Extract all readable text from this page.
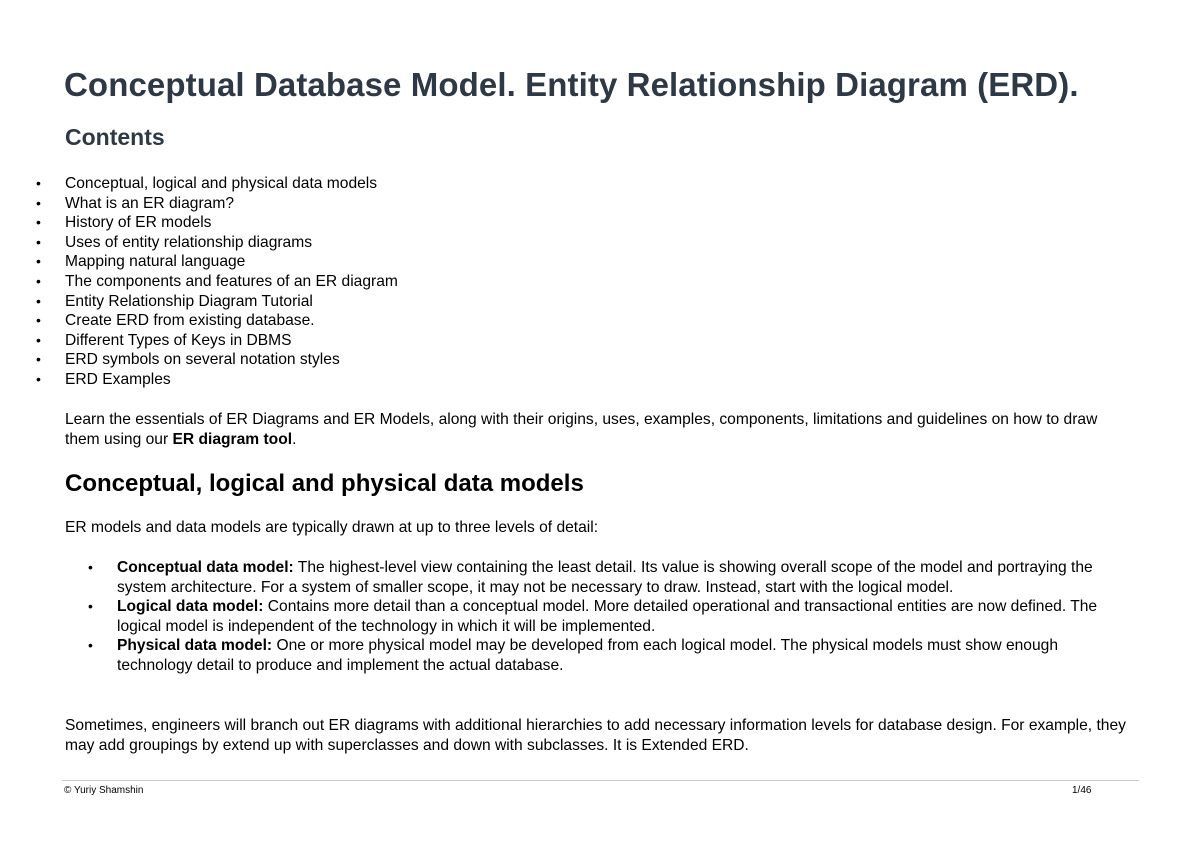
Conceptual Database Model. Entity Relationship Diagram (ERD).
Contents
•	Conceptual, logical and physical data models
•	What is an ER diagram?
•	History of ER models
•	Uses of entity relationship diagrams
•	Mapping natural language
•	The components and features of an ER diagram
•	Entity Relationship Diagram Tutorial
•	Create ERD from existing database.
•	Different Types of Keys in DBMS
•	ERD symbols on several notation styles
•	ERD Examples

Learn the essentials of ER Diagrams and ER Models, along with their origins, uses, examples, components, limitations and guidelines on how to draw them using our ER diagram tool.

Conceptual, logical and physical data models

ER models and data models are typically drawn at up to three levels of detail:

• Conceptual data model: The highest-level view containing the least detail. Its value is showing overall scope of the model and portraying the system architecture. For a system of smaller scope, it may not be necessary to draw. Instead, start with the logical model.
• Logical data model: Contains more detail than a conceptual model. More detailed operational and transactional entities are now defined. The logical model is independent of the technology in which it will be implemented.
• Physical data model: One or more physical model may be developed from each logical model. The physical models must show enough technology detail to produce and implement the actual database.

Sometimes, engineers will branch out ER diagrams with additional hierarchies to add necessary information levels for database design. For example, they may add groupings by extend up with superclasses and down with subclasses. It is Extended ERD.

© Yuriy Shamshin	1/46
